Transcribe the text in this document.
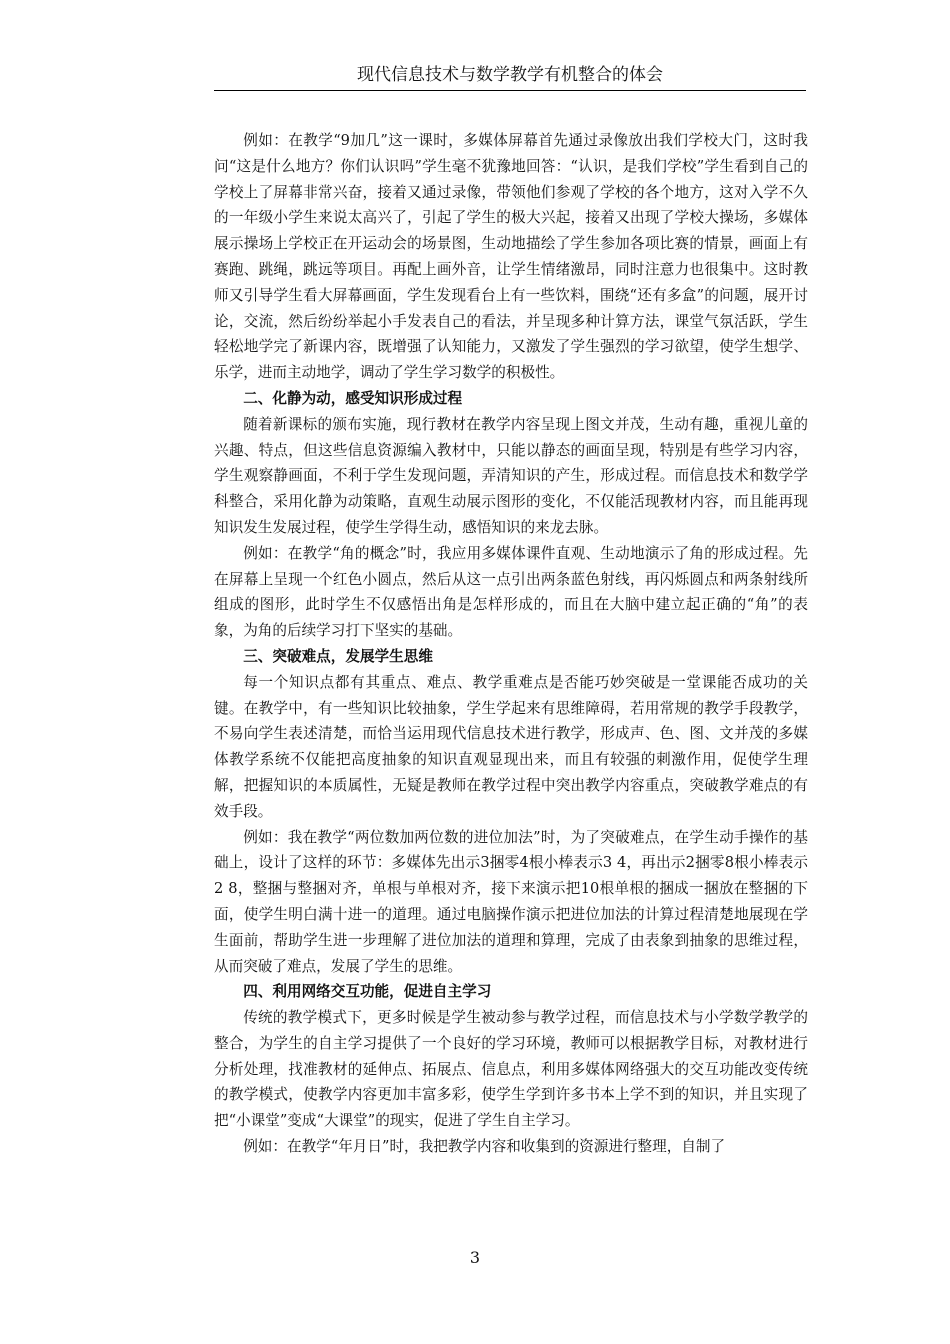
现代信息技术与数学教学有机整合的体会

例如：在教学“9加几”这一课时，多媒体屏幕首先通过录像放出我们学校大门，这时我问“这是什么地方？你们认识吗”学生毫不犹豫地回答：“认识，是我们学校”学生看到自己的学校上了屏幕非常兴奋，接着又通过录像，带领他们参观了学校的各个地方，这对入学不久的一年级小学生来说太高兴了，引起了学生的极大兴起，接着又出现了学校大操场，多媒体展示操场上学校正在开运动会的场景图，生动地描绘了学生参加各项比赛的情景，画面上有赛跑、跳绳，跳远等项目。再配上画外音，让学生情绪激昂，同时注意力也很集中。这时教师又引导学生看大屏幕画面，学生发现看台上有一些饮料，围绕“还有多盒”的问题，展开讨论，交流，然后纷纷举起小手发表自己的看法，并呈现多种计算方法，课堂气氛活跃，学生轻松地学完了新课内容，既增强了认知能力，又激发了学生强烈的学习欲望，使学生想学、乐学，进而主动地学，调动了学生学习数学的积极性。

二、化静为动，感受知识形成过程

随着新课标的颁布实施，现行教材在教学内容呈现上图文并茂，生动有趣，重视儿童的兴趣、特点，但这些信息资源编入教材中，只能以静态的画面呈现，特别是有些学习内容，学生观察静画面，不利于学生发现问题，弄清知识的产生，形成过程。而信息技术和数学学科整合，采用化静为动策略，直观生动展示图形的变化，不仅能活现教材内容，而且能再现知识发生发展过程，使学生学得生动，感悟知识的来龙去脉。

例如：在教学“角的概念”时，我应用多媒体课件直观、生动地演示了角的形成过程。先在屏幕上呈现一个红色小圆点，然后从这一点引出两条蓝色射线，再闪烁圆点和两条射线所组成的图形，此时学生不仅感悟出角是怎样形成的，而且在大脑中建立起正确的“角”的表象，为角的后续学习打下坚实的基础。

三、突破难点，发展学生思维

每一个知识点都有其重点、难点、教学重难点是否能巧妙突破是一堂课能否成功的关键。在教学中，有一些知识比较抽象，学生学起来有思维障碍，若用常规的教学手段教学，不易向学生表述清楚，而恰当运用现代信息技术进行教学，形成声、色、图、文并茂的多媒体教学系统不仅能把高度抽象的知识直观显现出来，而且有较强的刺激作用，促使学生理解，把握知识的本质属性，无疑是教师在教学过程中突出教学内容重点，突破教学难点的有效手段。

例如：我在教学“两位数加两位数的进位加法”时，为了突破难点，在学生动手操作的基础上，设计了这样的环节：多媒体先出示3捆零4根小棒表示3 4，再出示2捆零8根小棒表示2 8，整捆与整捆对齐，单根与单根对齐，接下来演示把10根单根的捆成一捆放在整捆的下面，使学生明白满十进一的道理。通过电脑操作演示把进位加法的计算过程清楚地展现在学生面前，帮助学生进一步理解了进位加法的道理和算理，完成了由表象到抽象的思维过程，从而突破了难点，发展了学生的思维。

四、利用网络交互功能，促进自主学习

传统的教学模式下，更多时候是学生被动参与教学过程，而信息技术与小学数学教学的整合，为学生的自主学习提供了一个良好的学习环境，教师可以根据教学目标，对教材进行分析处理，找准教材的延伸点、拓展点、信息点，利用多媒体网络强大的交互功能改变传统的教学模式，使教学内容更加丰富多彩，使学生学到许多书本上学不到的知识，并且实现了把“小课堂”变成“大课堂”的现实，促进了学生自主学习。

例如：在教学“年月日”时，我把教学内容和收集到的资源进行整理，自制了

3
